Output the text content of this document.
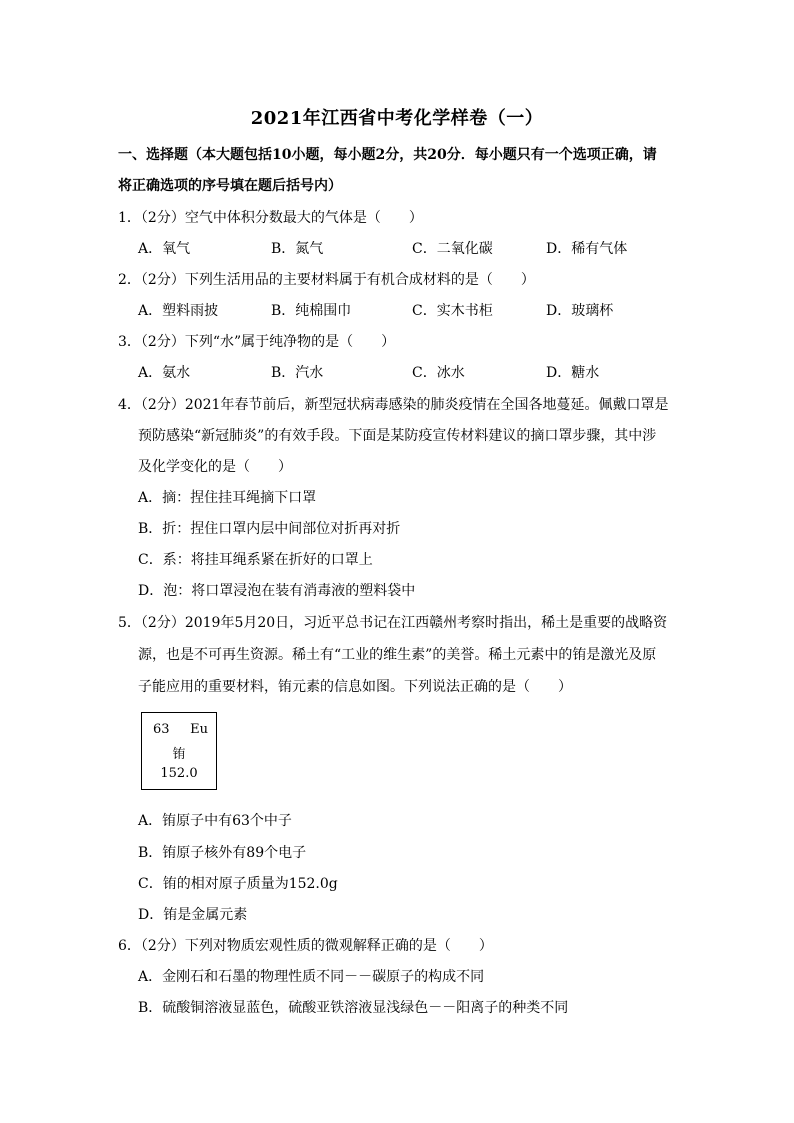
2021年江西省中考化学样卷（一）
一、选择题（本大题包括10小题，每小题2分，共20分．每小题只有一个选项正确，请
将正确选项的序号填在题后括号内）
1．（2分）空气中体积分数最大的气体是（　　）
A．氧气	B．氮气	C．二氧化碳	D．稀有气体
2．（2分）下列生活用品的主要材料属于有机合成材料的是（　　）
A．塑料雨披	B．纯棉围巾	C．实木书柜	D．玻璃杯
3．（2分）下列“水”属于纯净物的是（　　）
A．氨水	B．汽水	C．冰水	D．糖水
4．（2分）2021年春节前后，新型冠状病毒感染的肺炎疫情在全国各地蔓延。佩戴口罩是
预防感染“新冠肺炎”的有效手段。下面是某防疫宣传材料建议的摘口罩步骤，其中涉
及化学变化的是（　　）
A．摘：捏住挂耳绳摘下口罩
B．折：捏住口罩内层中间部位对折再对折
C．系：将挂耳绳系紧在折好的口罩上
D．泡：将口罩浸泡在装有消毒液的塑料袋中
5．（2分）2019年5月20日，习近平总书记在江西赣州考察时指出，稀土是重要的战略资
源，也是不可再生资源。稀土有“工业的维生素”的美誉。稀土元素中的铕是激光及原
子能应用的重要材料，铕元素的信息如图。下列说法正确的是（　　）
63 Eu
铕
152.0
A．铕原子中有63个中子
B．铕原子核外有89个电子
C．铕的相对原子质量为152.0g
D．铕是金属元素
6．（2分）下列对物质宏观性质的微观解释正确的是（　　）
A．金刚石和石墨的物理性质不同－－碳原子的构成不同
B．硫酸铜溶液显蓝色，硫酸亚铁溶液显浅绿色－－阳离子的种类不同
